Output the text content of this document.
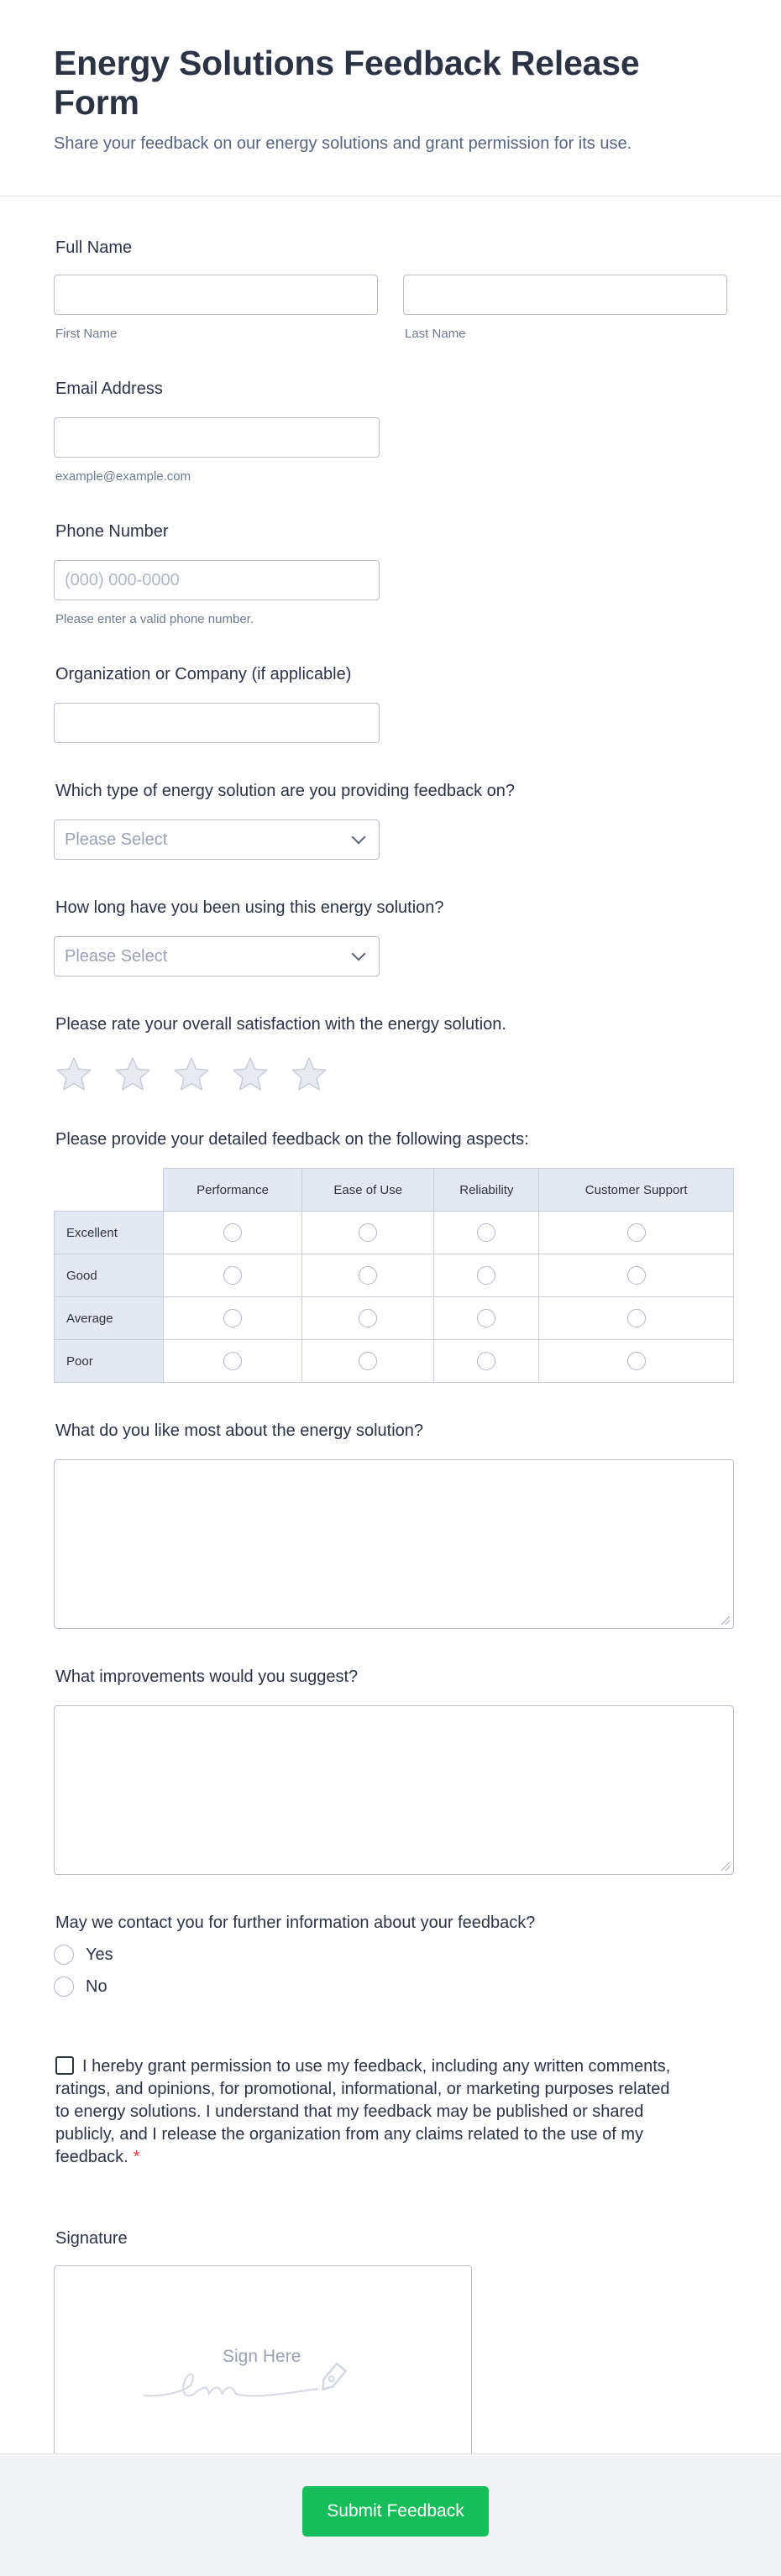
Energy Solutions Feedback Release Form
Share your feedback on our energy solutions and grant permission for its use.
Full Name
First Name	Last Name
Email Address
example@example.com
Phone Number
(000) 000-0000
Please enter a valid phone number.
Organization or Company (if applicable)
Which type of energy solution are you providing feedback on?
Please Select
How long have you been using this energy solution?
Please Select
Please rate your overall satisfaction with the energy solution.
Please provide your detailed feedback on the following aspects:
	Performance	Ease of Use	Reliability	Customer Support
Excellent				
Good				
Average				
Poor				
What do you like most about the energy solution?
What improvements would you suggest?
May we contact you for further information about your feedback?
Yes
No
I hereby grant permission to use my feedback, including any written comments, ratings, and opinions, for promotional, informational, or marketing purposes related to energy solutions. I understand that my feedback may be published or shared publicly, and I release the organization from any claims related to the use of my feedback. *
Signature
Sign Here
Submit Feedback
